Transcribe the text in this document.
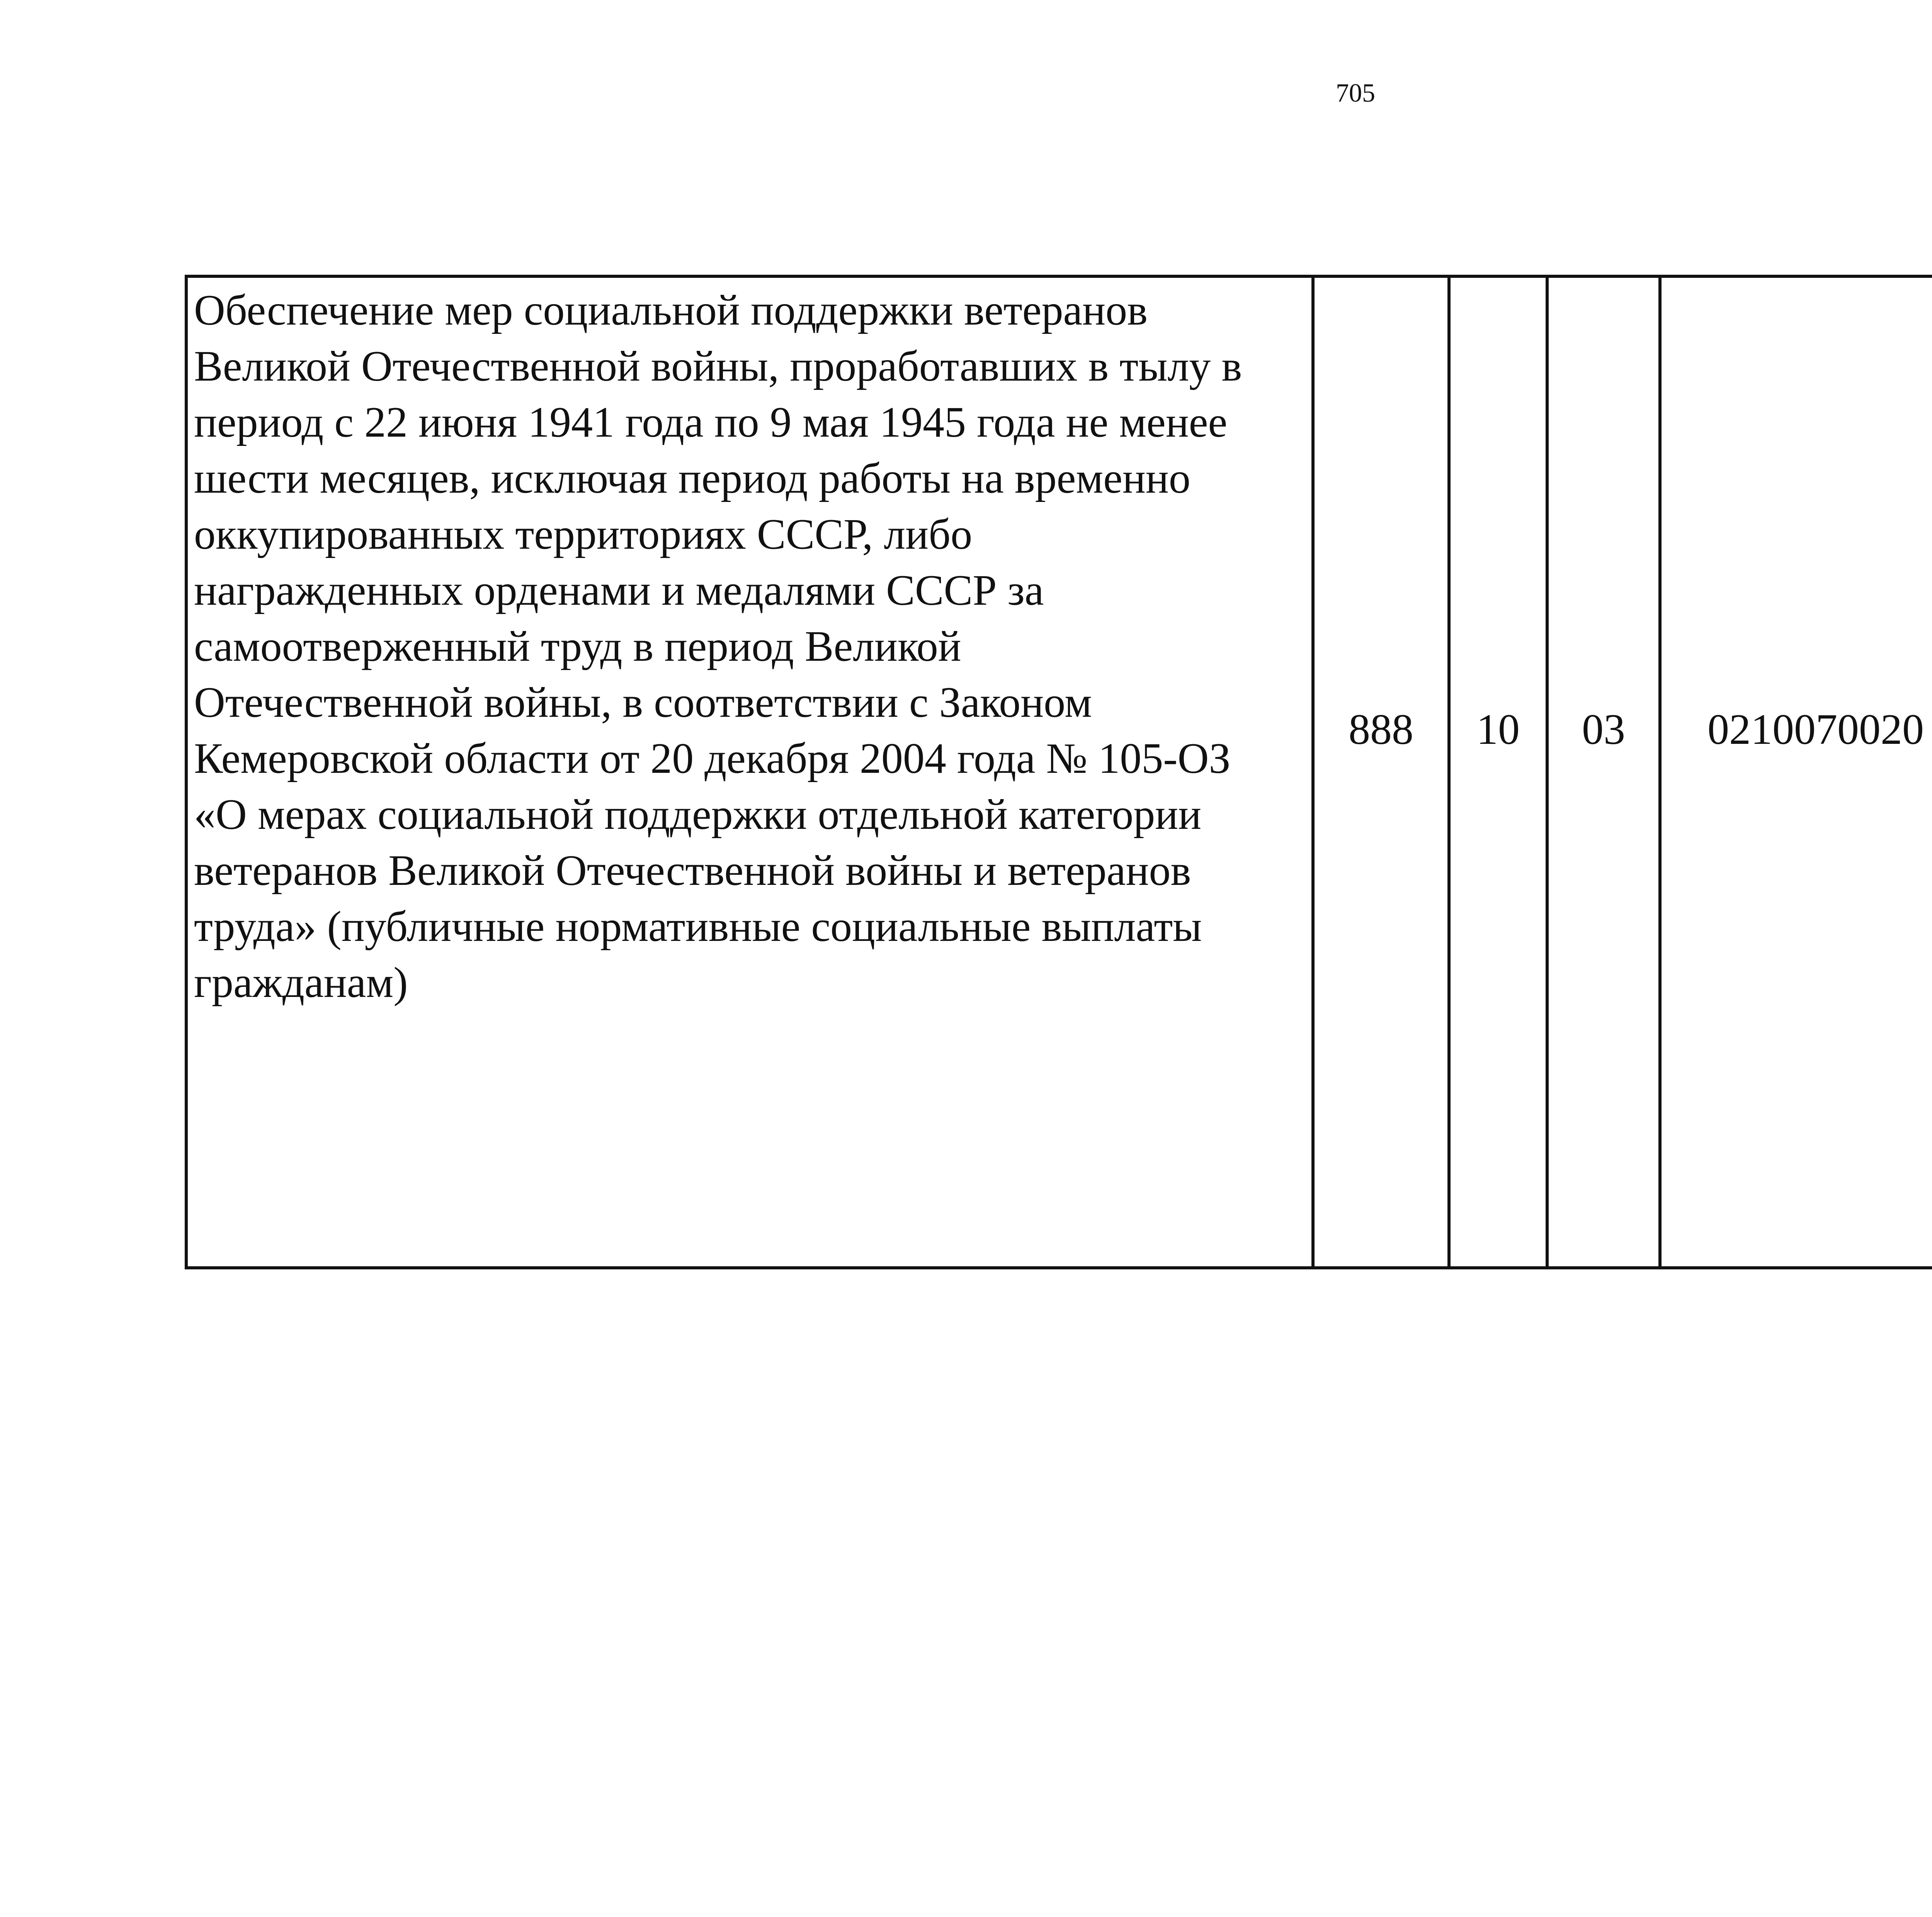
705
Обеспечение мер социальной поддержки ветеранов
Великой Отечественной войны, проработавших в тылу в
период с 22 июня 1941 года по 9 мая 1945 года не менее
шести месяцев, исключая период работы на временно
оккупированных территориях СССР, либо
награжденных орденами и медалями СССР за
самоотверженный труд в период Великой
Отечественной войны, в соответствии с Законом
Кемеровской области от 20 декабря 2004 года № 105-ОЗ
«О мерах социальной поддержки отдельной категории
ветеранов Великой Отечественной войны и ветеранов
труда» (публичные нормативные социальные выплаты
гражданам)	888	10	03	0210070020		
